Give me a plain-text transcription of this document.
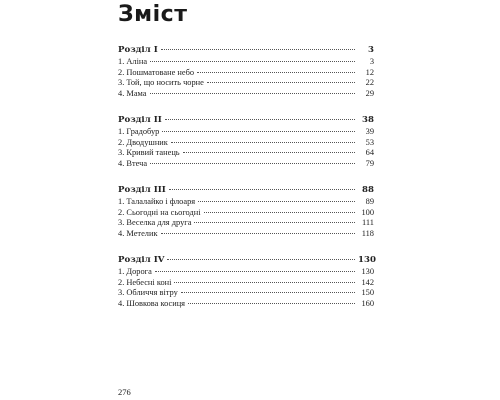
Зміст
Розділ І	3
1. Аліна	3
2. Пошматоване небо	12
3. Той, що носить чорне	22
4. Мама	29
Розділ ІІ	38
1. Градобур	39
2. Дводушник	53
3. Кривий танець	64
4. Втеча	79
Розділ ІІІ	88
1. Талалайко і флоаря	89
2. Сьогодні на сьогодні	100
3. Веселка для друга	111
4. Метелик	118
Розділ IV	130
1. Дорога	130
2. Небесні коні	142
3. Обличчя вітру	150
4. Шовкова косиця	160
276
